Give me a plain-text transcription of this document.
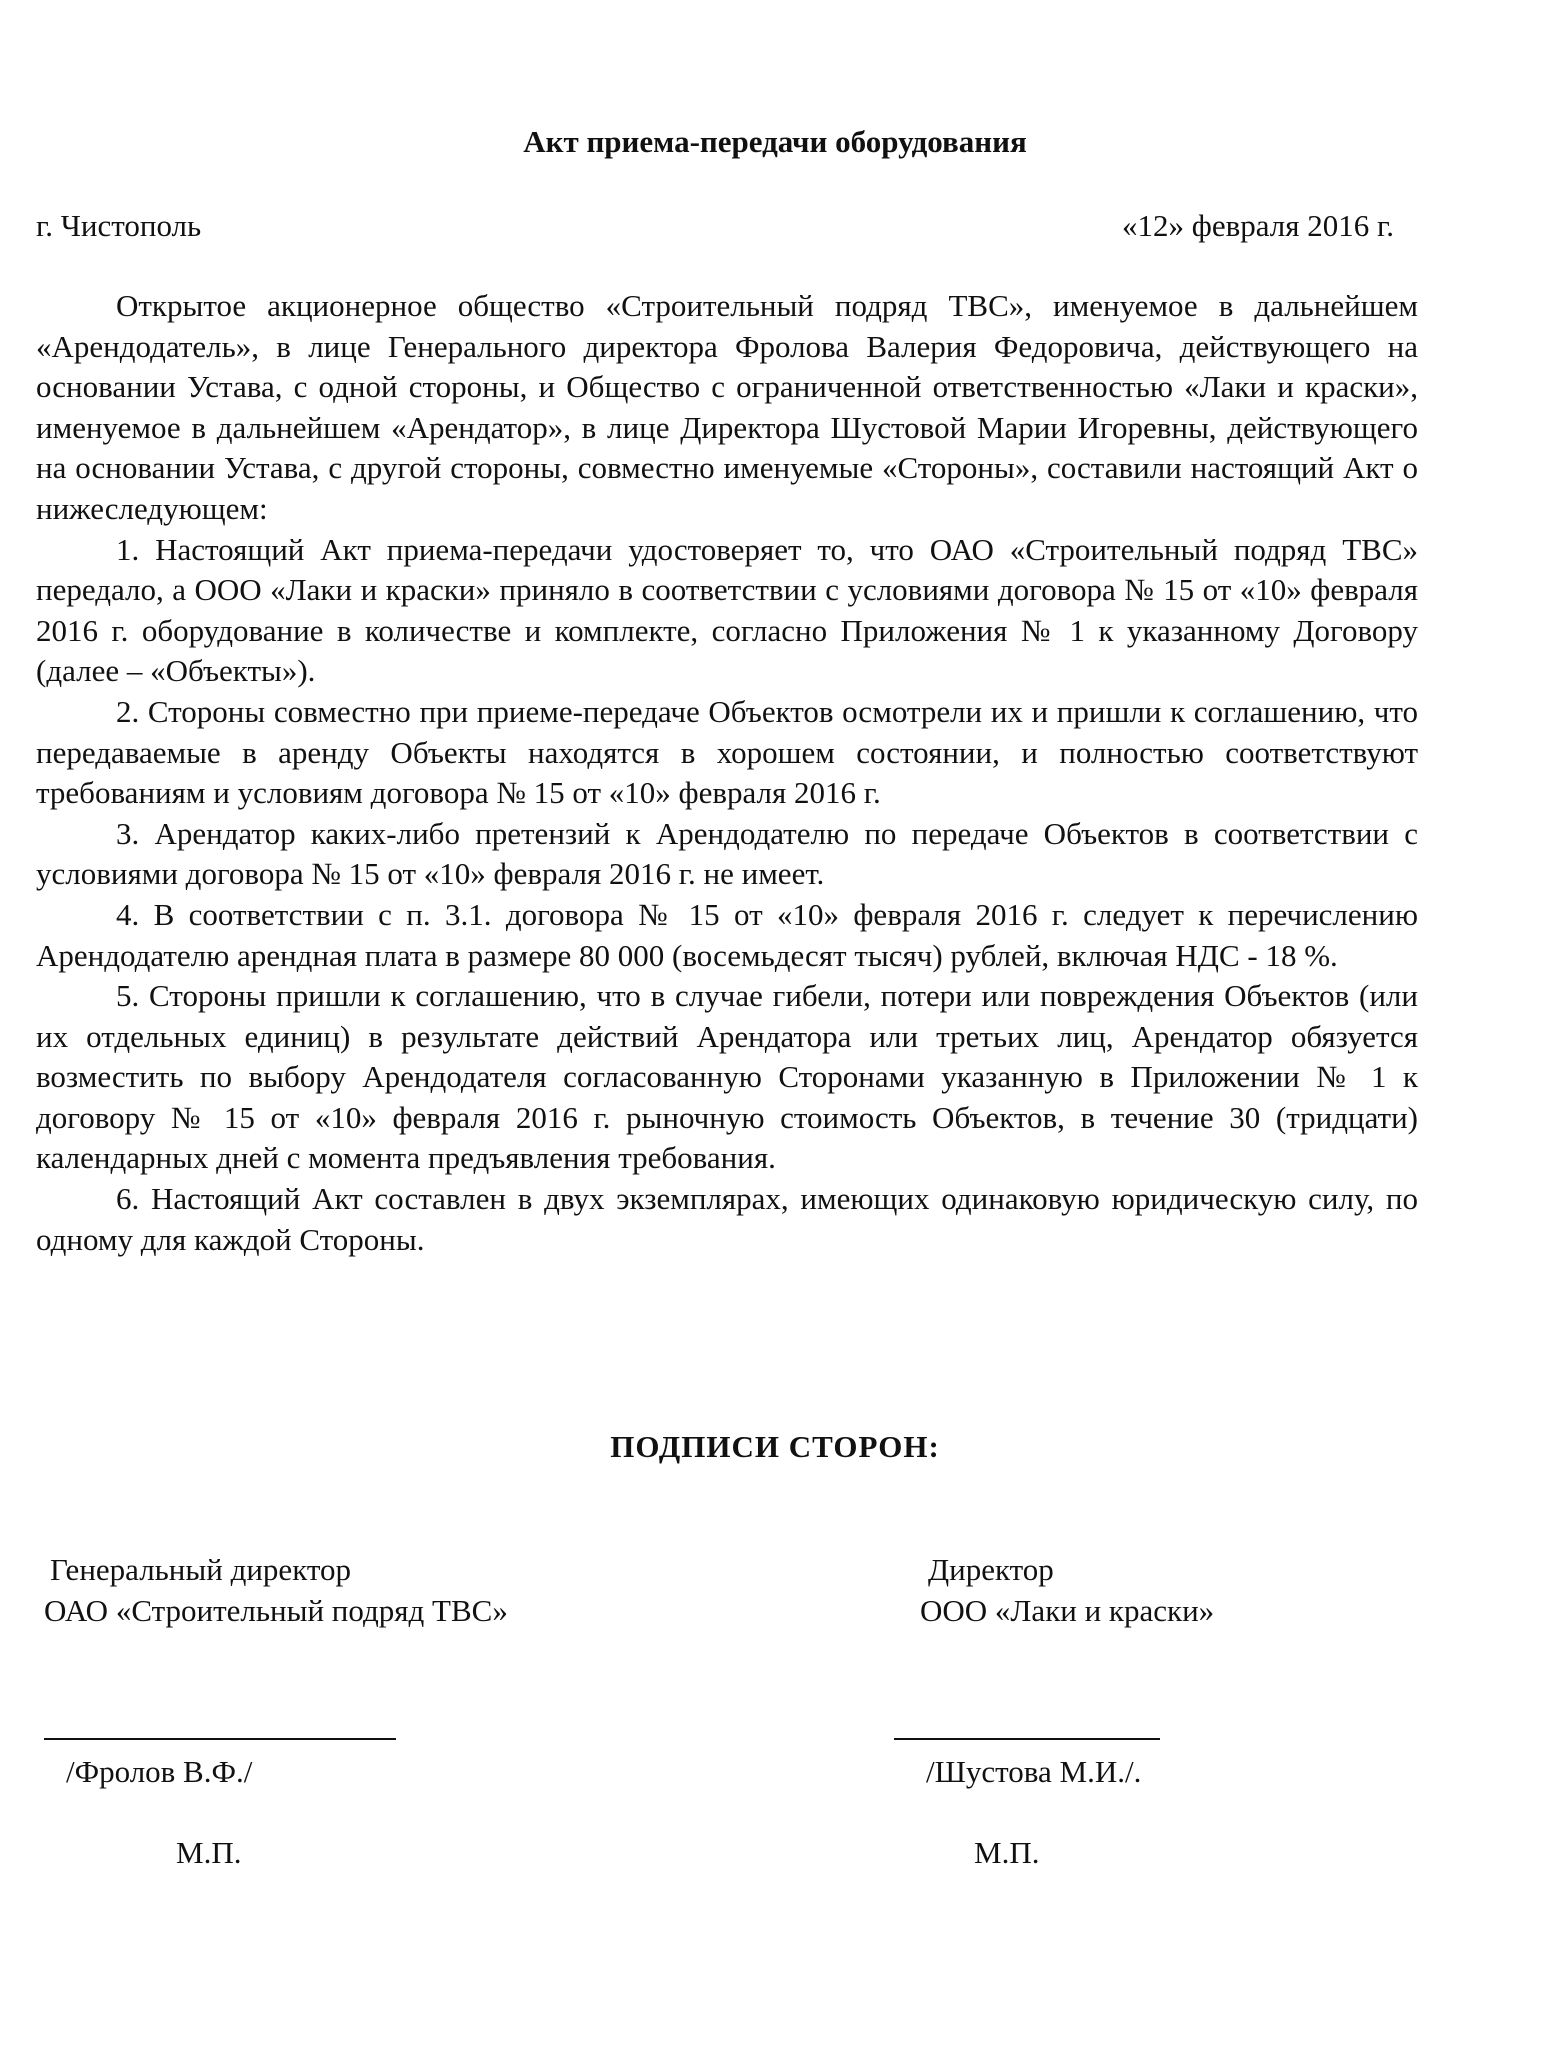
Акт приема-передачи оборудования
г. Чистополь	«12» февраля 2016 г.

Открытое акционерное общество «Строительный подряд ТВС», именуемое в дальнейшем «Арендодатель», в лице Генерального директора Фролова Валерия Федоровича, действующего на основании Устава, с одной стороны, и Общество с ограниченной ответственностью «Лаки и краски», именуемое в дальнейшем «Арендатор», в лице Директора Шустовой Марии Игоревны, действующего на основании Устава, с другой стороны, совместно именуемые «Стороны», составили настоящий Акт о нижеследующем:

1. Настоящий Акт приема-передачи удостоверяет то, что ОАО «Строительный подряд ТВС» передало, а ООО «Лаки и краски» приняло в соответствии с условиями договора № 15 от «10» февраля 2016 г. оборудование в количестве и комплекте, согласно Приложения № 1 к указанному Договору (далее – «Объекты»).

2. Стороны совместно при приеме-передаче Объектов осмотрели их и пришли к соглашению, что передаваемые в аренду Объекты находятся в хорошем состоянии, и полностью соответствуют требованиям и условиям договора № 15 от «10» февраля 2016 г.

3. Арендатор каких-либо претензий к Арендодателю по передаче Объектов в соответствии с условиями договора № 15 от «10» февраля 2016 г. не имеет.

4. В соответствии с п. 3.1. договора № 15 от «10» февраля 2016 г. следует к перечислению Арендодателю арендная плата в размере 80 000 (восемьдесят тысяч) рублей, включая НДС - 18 %.

5. Стороны пришли к соглашению, что в случае гибели, потери или повреждения Объектов (или их отдельных единиц) в результате действий Арендатора или третьих лиц, Арендатор обязуется возместить по выбору Арендодателя согласованную Сторонами указанную в Приложении № 1 к договору № 15 от «10» февраля 2016 г. рыночную стоимость Объектов, в течение 30 (тридцати) календарных дней с момента предъявления требования.

6. Настоящий Акт составлен в двух экземплярах, имеющих одинаковую юридическую силу, по одному для каждой Стороны.

ПОДПИСИ СТОРОН:
Генеральный директор
ОАО «Строительный подряд ТВС»
/Фролов В.Ф./
М.П.
Директор
ООО «Лаки и краски»
/Шустова М.И./.
М.П.
